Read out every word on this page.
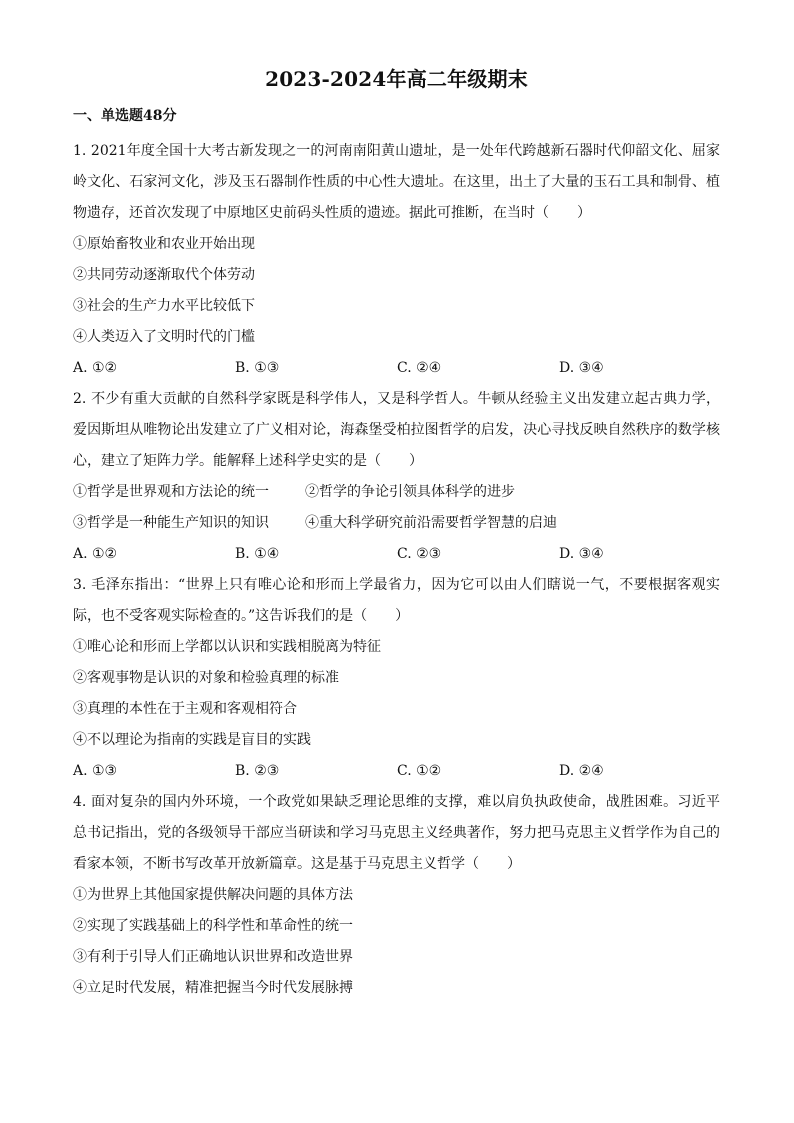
2023-2024年高二年级期末
一、单选题48分

1. 2021年度全国十大考古新发现之一的河南南阳黄山遗址，是一处年代跨越新石器时代仰韶文化、屈家岭文化、石家河文化，涉及玉石器制作性质的中心性大遗址。在这里，出土了大量的玉石工具和制骨、植物遗存，还首次发现了中原地区史前码头性质的遗迹。据此可推断，在当时（　　）

①原始畜牧业和农业开始出现

②共同劳动逐渐取代个体劳动

③社会的生产力水平比较低下

④人类迈入了文明时代的门槛

A. ①②	B. ①③	C. ②④	D. ③④

2. 不少有重大贡献的自然科学家既是科学伟人，又是科学哲人。牛顿从经验主义出发建立起古典力学，爱因斯坦从唯物论出发建立了广义相对论，海森堡受柏拉图哲学的启发，决心寻找反映自然秩序的数学核心，建立了矩阵力学。能解释上述科学史实的是（　　）

①哲学是世界观和方法论的统一	②哲学的争论引领具体科学的进步

③哲学是一种能生产知识的知识	④重大科学研究前沿需要哲学智慧的启迪

A. ①②	B. ①④	C. ②③	D. ③④

3. 毛泽东指出：“世界上只有唯心论和形而上学最省力，因为它可以由人们瞎说一气，不要根据客观实际，也不受客观实际检查的。”这告诉我们的是（　　）

①唯心论和形而上学都以认识和实践相脱离为特征

②客观事物是认识的对象和检验真理的标准

③真理的本性在于主观和客观相符合

④不以理论为指南的实践是盲目的实践

A. ①③	B. ②③	C. ①②	D. ②④

4. 面对复杂的国内外环境，一个政党如果缺乏理论思维的支撑，难以肩负执政使命，战胜困难。习近平总书记指出，党的各级领导干部应当研读和学习马克思主义经典著作，努力把马克思主义哲学作为自己的看家本领，不断书写改革开放新篇章。这是基于马克思主义哲学（　　）

①为世界上其他国家提供解决问题的具体方法

②实现了实践基础上的科学性和革命性的统一

③有利于引导人们正确地认识世界和改造世界

④立足时代发展，精准把握当今时代发展脉搏
